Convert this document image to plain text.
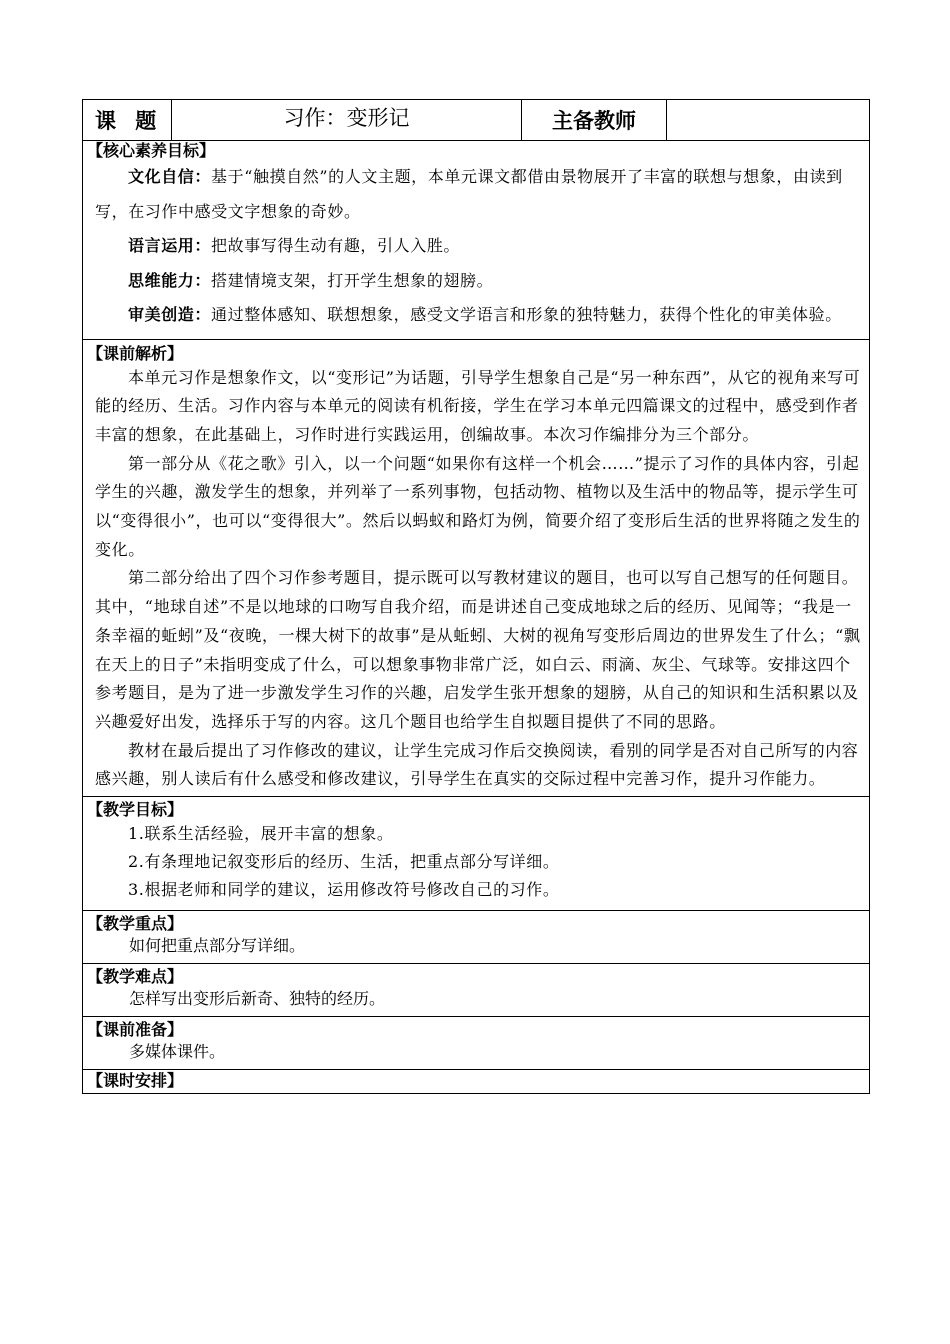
课 题	习作：变形记	主备教师	

【核心素养目标】
文化自信：基于“触摸自然”的人文主题，本单元课文都借由景物展开了丰富的联想与想象，由读到写，在习作中感受文字想象的奇妙。
语言运用：把故事写得生动有趣，引人入胜。
思维能力：搭建情境支架，打开学生想象的翅膀。
审美创造：通过整体感知、联想想象，感受文学语言和形象的独特魅力，获得个性化的审美体验。

【课前解析】
本单元习作是想象作文，以“变形记”为话题，引导学生想象自己是“另一种东西”，从它的视角来写可能的经历、生活。习作内容与本单元的阅读有机衔接，学生在学习本单元四篇课文的过程中，感受到作者丰富的想象，在此基础上，习作时进行实践运用，创编故事。本次习作编排分为三个部分。
第一部分从《花之歌》引入，以一个问题“如果你有这样一个机会……”提示了习作的具体内容，引起学生的兴趣，激发学生的想象，并列举了一系列事物，包括动物、植物以及生活中的物品等，提示学生可以“变得很小”，也可以“变得很大”。然后以蚂蚁和路灯为例，简要介绍了变形后生活的世界将随之发生的变化。
第二部分给出了四个习作参考题目，提示既可以写教材建议的题目，也可以写自己想写的任何题目。其中，“地球自述”不是以地球的口吻写自我介绍，而是讲述自己变成地球之后的经历、见闻等；“我是一条幸福的蚯蚓”及“夜晚，一棵大树下的故事”是从蚯蚓、大树的视角写变形后周边的世界发生了什么；“飘在天上的日子”未指明变成了什么，可以想象事物非常广泛，如白云、雨滴、灰尘、气球等。安排这四个参考题目，是为了进一步激发学生习作的兴趣，启发学生张开想象的翅膀，从自己的知识和生活积累以及兴趣爱好出发，选择乐于写的内容。这几个题目也给学生自拟题目提供了不同的思路。
教材在最后提出了习作修改的建议，让学生完成习作后交换阅读，看别的同学是否对自己所写的内容感兴趣，别人读后有什么感受和修改建议，引导学生在真实的交际过程中完善习作，提升习作能力。

【教学目标】
1.联系生活经验，展开丰富的想象。
2.有条理地记叙变形后的经历、生活，把重点部分写详细。
3.根据老师和同学的建议，运用修改符号修改自己的习作。

【教学重点】
如何把重点部分写详细。

【教学难点】
怎样写出变形后新奇、独特的经历。

【课前准备】
多媒体课件。

【课时安排】
